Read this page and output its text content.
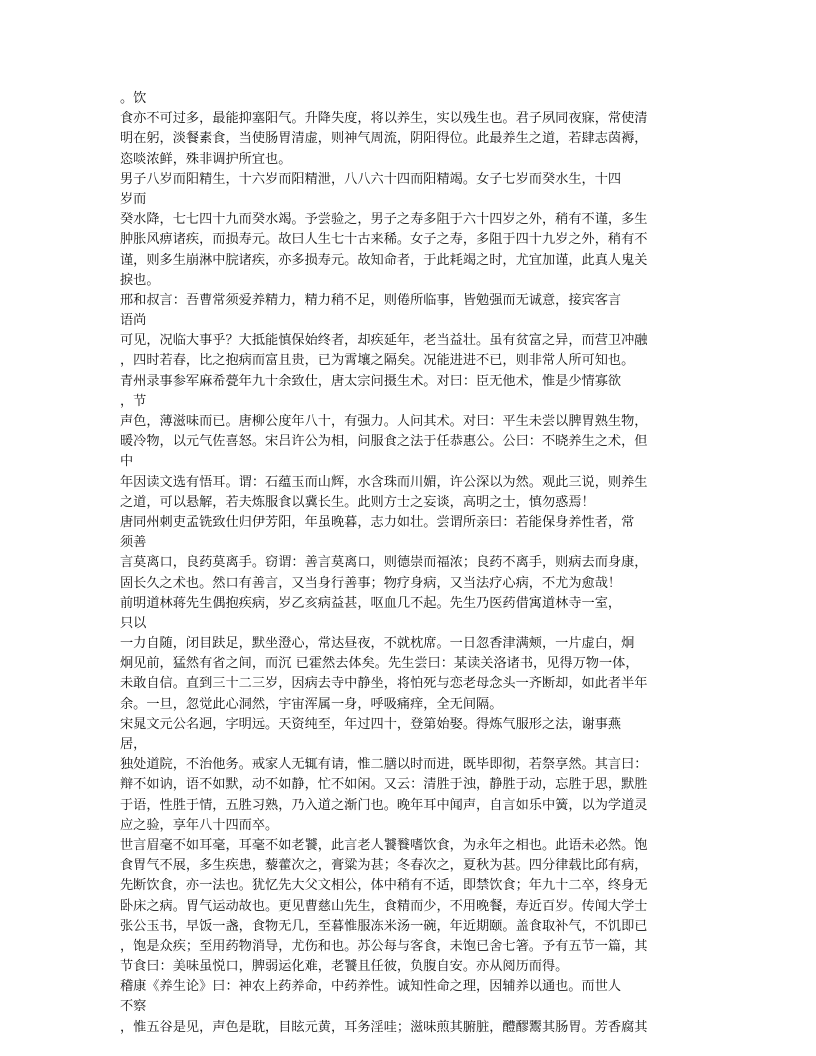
。饮
食亦不可过多，最能抑塞阳气。升降失度，将以养生，实以残生也。君子夙同夜寐，常使清
明在躬，淡餐素食，当使肠胃清虚，则神气周流，阴阳得位。此最养生之道，若肆志茵褥，
恣啖浓鲜，殊非调护所宜也。
男子八岁而阳精生，十六岁而阳精泄，八八六十四而阳精竭。女子七岁而癸水生，十四
岁而
癸水降，七七四十九而癸水竭。予尝验之，男子之寿多阻于六十四岁之外，稍有不谨，多生
肿胀风痹诸疾，而损寿元。故曰人生七十古来稀。女子之寿，多阻于四十九岁之外，稍有不
谨，则多生崩淋中脘诸疾，亦多损寿元。故知命者，于此耗竭之时，尤宜加谨，此真人鬼关
捩也。
邢和叔言：吾曹常须爱养精力，精力稍不足，则倦所临事，皆勉强而无诚意，接宾客言
语尚
可见，况临大事乎？大抵能慎保始终者，却疾延年，老当益壮。虽有贫富之异，而营卫冲融
，四时若春，比之抱病而富且贵，已为霄壤之隔矣。况能进进不已，则非常人所可知也。
青州录事参军麻希甍年九十余致仕，唐太宗问摄生术。对曰：臣无他术，惟是少情寡欲
，节
声色，薄滋味而已。唐柳公度年八十，有强力。人问其术。对曰：平生未尝以脾胃熟生物，
暖冷物，以元气佐喜怒。宋吕许公为相，问服食之法于任恭惠公。公曰：不晓养生之术，但
中
年因读文选有悟耳。谓：石蕴玉而山辉，水含珠而川媚，许公深以为然。观此三说，则养生
之道，可以悬解，若夫炼服食以冀长生。此则方士之妄谈，高明之士，慎勿惑焉！
唐同州刺吏孟铣致仕归伊芳阳，年虽晚暮，志力如壮。尝谓所亲曰：若能保身养性者，常
须善
言莫离口，良药莫离手。窃谓：善言莫离口，则德崇而福浓；良药不离手，则病去而身康，
固长久之术也。然口有善言，又当身行善事；物疗身病，又当法疗心病，不尤为愈哉！
前明道林蒋先生偶抱疾病，岁乙亥病益甚，呕血几不起。先生乃医药借寓道林寺一室，
只以
一力自随，闭目趺足，默坐澄心，常达昼夜，不就枕席。一日忽香津满颊，一片虚白，炯
炯见前，猛然有省之间，而沉 已霍然去体矣。先生尝曰：某读关洛诸书，见得万物一体，
未敢自信。直到三十二三岁，因病去寺中静坐，将怕死与恋老母念头一齐断却，如此者半年
余。一旦，忽觉此心洞然，宇宙浑属一身，呼吸痛痒，全无间隔。
宋晁文元公名迥，字明远。天资纯至，年过四十，登第始娶。得炼气服形之法，谢事燕
居，
独处道院，不治他务。戒家人无辄有请，惟二膳以时而进，既毕即彻，若祭享然。其言曰：
辩不如讷，语不如默，动不如静，忙不如闲。又云：清胜于浊，静胜于动，忘胜于思，默胜
于语，性胜于情，五胜习熟，乃入道之渐门也。晚年耳中闻声，自言如乐中簧，以为学道灵
应之验，享年八十四而卒。
世言眉毫不如耳毫，耳毫不如老饕，此言老人饕餮嗜饮食，为永年之相也。此语未必然。饱
食胃气不展，多生疾患，藜藿次之，膏粱为甚；冬春次之，夏秋为甚。四分律载比邱有病，
先断饮食，亦一法也。犹忆先大父文相公，体中稍有不适，即禁饮食；年九十二卒，终身无
卧床之病。胃气运动故也。更见曹慈山先生，食精而少，不用晚餐，寿近百岁。传闻大学士
张公玉书，早饭一盏，食物无几，至暮惟服冻米汤一碗，年近期颐。盖食取补气，不饥即已
，饱是众疾；至用药物消导，尤伤和也。苏公每与客食，未饱已舍七箸。予有五节一篇，其
节食曰：美味虽悦口，脾弱运化难，老饕且任彼，负腹自安。亦从阅历而得。
稽康《养生论》曰：神农上药养命，中药养性。诚知性命之理，因辅养以通也。而世人
不察
，惟五谷是见，声色是耽，目眩元黄，耳务淫哇；滋味煎其腑脏，醴醪鬻其肠胃。芳香腐其
